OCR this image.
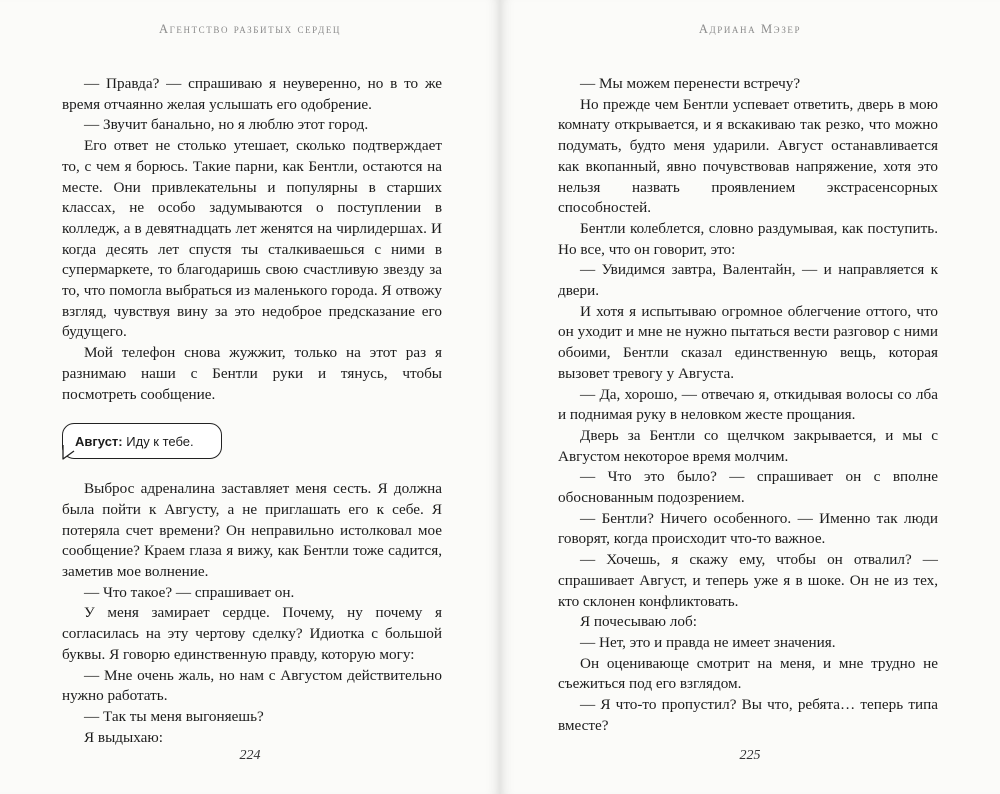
Агентство разбитых сердец

— Правда? — спрашиваю я неуверенно, но в то же время отчаянно желая услышать его одобрение.

— Звучит банально, но я люблю этот город.

Его ответ не столько утешает, сколько подтверждает то, с чем я борюсь. Такие парни, как Бентли, остаются на месте. Они привлекательны и популярны в старших классах, не особо задумываются о поступлении в колледж, а в девятнадцать лет женятся на чирлидершах. И когда десять лет спустя ты сталкиваешься с ними в супермаркете, то благодаришь свою счастливую звезду за то, что помогла выбраться из маленького города. Я отвожу взгляд, чувствуя вину за это недоброе предсказание его будущего.

Мой телефон снова жужжит, только на этот раз я разнимаю наши с Бентли руки и тянусь, чтобы посмотреть сообщение.

Август: Иду к тебе.

Выброс адреналина заставляет меня сесть. Я должна была пойти к Августу, а не приглашать его к себе. Я потеряла счет времени? Он неправильно истолковал мое сообщение? Краем глаза я вижу, как Бентли тоже садится, заметив мое волнение.

— Что такое? — спрашивает он.

У меня замирает сердце. Почему, ну почему я согласилась на эту чертову сделку? Идиотка с большой буквы. Я говорю единственную правду, которую могу:

— Мне очень жаль, но нам с Августом действительно нужно работать.

— Так ты меня выгоняешь?

Я выдыхаю:

224
Адриана Мэзер

— Мы можем перенести встречу?

Но прежде чем Бентли успевает ответить, дверь в мою комнату открывается, и я вскакиваю так резко, что можно подумать, будто меня ударили. Август останавливается как вкопанный, явно почувствовав напряжение, хотя это нельзя назвать проявлением экстрасенсорных способностей.

Бентли колеблется, словно раздумывая, как поступить. Но все, что он говорит, это:

— Увидимся завтра, Валентайн, — и направляется к двери.

И хотя я испытываю огромное облегчение оттого, что он уходит и мне не нужно пытаться вести разговор с ними обоими, Бентли сказал единственную вещь, которая вызовет тревогу у Августа.

— Да, хорошо, — отвечаю я, откидывая волосы со лба и поднимая руку в неловком жесте прощания.

Дверь за Бентли со щелчком закрывается, и мы с Августом некоторое время молчим.

— Что это было? — спрашивает он с вполне обоснованным подозрением.

— Бентли? Ничего особенного. — Именно так люди говорят, когда происходит что-то важное.

— Хочешь, я скажу ему, чтобы он отвалил? — спрашивает Август, и теперь уже я в шоке. Он не из тех, кто склонен конфликтовать.

Я почесываю лоб:

— Нет, это и правда не имеет значения.

Он оценивающе смотрит на меня, и мне трудно не съежиться под его взглядом.

— Я что-то пропустил? Вы что, ребята… теперь типа вместе?

225
